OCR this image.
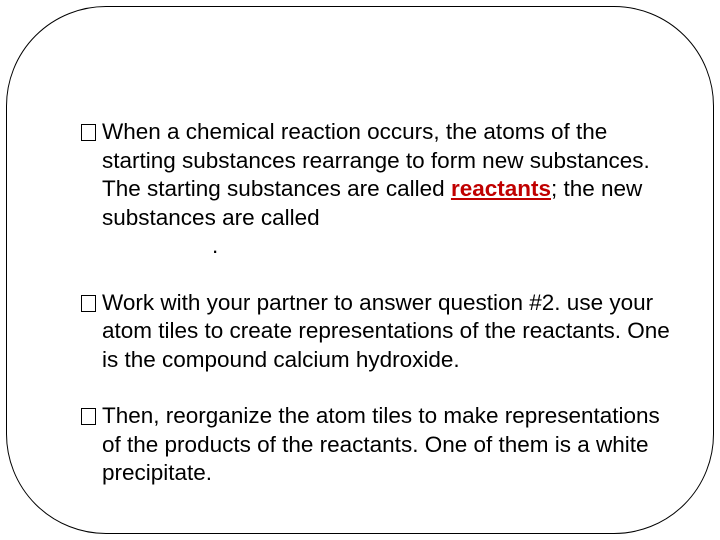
When a chemical reaction occurs, the atoms of the starting substances rearrange to form new substances. The starting substances are called reactants; the new substances are called
.
Work with your partner to answer question #2. use your atom tiles to create representations of the reactants. One is the compound calcium hydroxide.
Then, reorganize the atom tiles to make representations of the products of the reactants. One of them is a white precipitate.
